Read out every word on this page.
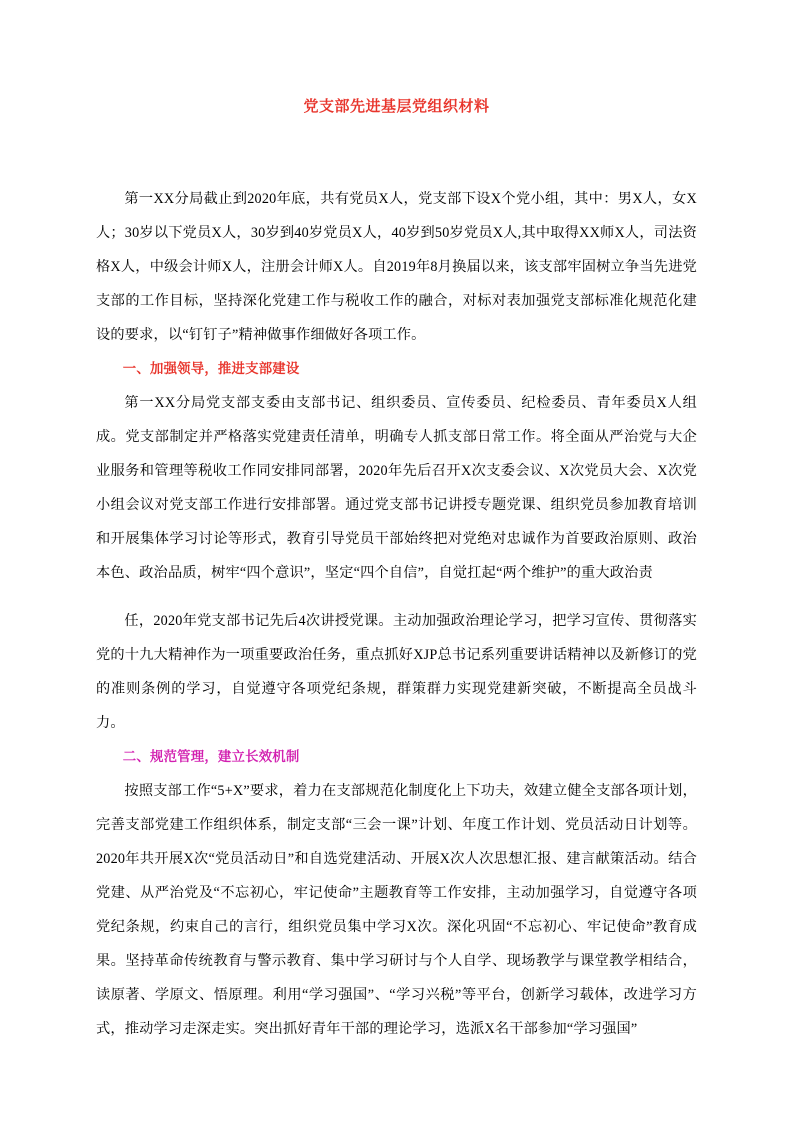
党支部先进基层党组织材料

第一XX分局截止到2020年底，共有党员X人，党支部下设X个党小组，其中：男X人，女X人；30岁以下党员X人，30岁到40岁党员X人，40岁到50岁党员X人,其中取得XX师X人，司法资格X人，中级会计师X人，注册会计师X人。自2019年8月换届以来，该支部牢固树立争当先进党支部的工作目标，坚持深化党建工作与税收工作的融合，对标对表加强党支部标准化规范化建设的要求，以“钉钉子”精神做事作细做好各项工作。

一、加强领导，推进支部建设

第一XX分局党支部支委由支部书记、组织委员、宣传委员、纪检委员、青年委员X人组成。党支部制定并严格落实党建责任清单，明确专人抓支部日常工作。将全面从严治党与大企业服务和管理等税收工作同安排同部署，2020年先后召开X次支委会议、X次党员大会、X次党小组会议对党支部工作进行安排部署。通过党支部书记讲授专题党课、组织党员参加教育培训和开展集体学习讨论等形式，教育引导党员干部始终把对党绝对忠诚作为首要政治原则、政治本色、政治品质，树牢“四个意识”，坚定“四个自信”，自觉扛起“两个维护”的重大政治责

任，2020年党支部书记先后4次讲授党课。主动加强政治理论学习，把学习宣传、贯彻落实党的十九大精神作为一项重要政治任务，重点抓好XJP总书记系列重要讲话精神以及新修订的党的准则条例的学习，自觉遵守各项党纪条规，群策群力实现党建新突破，不断提高全员战斗力。

二、规范管理，建立长效机制

按照支部工作“5+X”要求，着力在支部规范化制度化上下功夫，效建立健全支部各项计划，完善支部党建工作组织体系，制定支部“三会一课”计划、年度工作计划、党员活动日计划等。2020年共开展X次“党员活动日”和自选党建活动、开展X次人次思想汇报、建言献策活动。结合党建、从严治党及“不忘初心，牢记使命”主题教育等工作安排，主动加强学习，自觉遵守各项党纪条规，约束自己的言行，组织党员集中学习X次。深化巩固“不忘初心、牢记使命”教育成果。坚持革命传统教育与警示教育、集中学习研讨与个人自学、现场教学与课堂教学相结合，读原著、学原文、悟原理。利用“学习强国”、“学习兴税”等平台，创新学习载体，改进学习方式，推动学习走深走实。突出抓好青年干部的理论学习，选派X名干部参加“学习强国”
